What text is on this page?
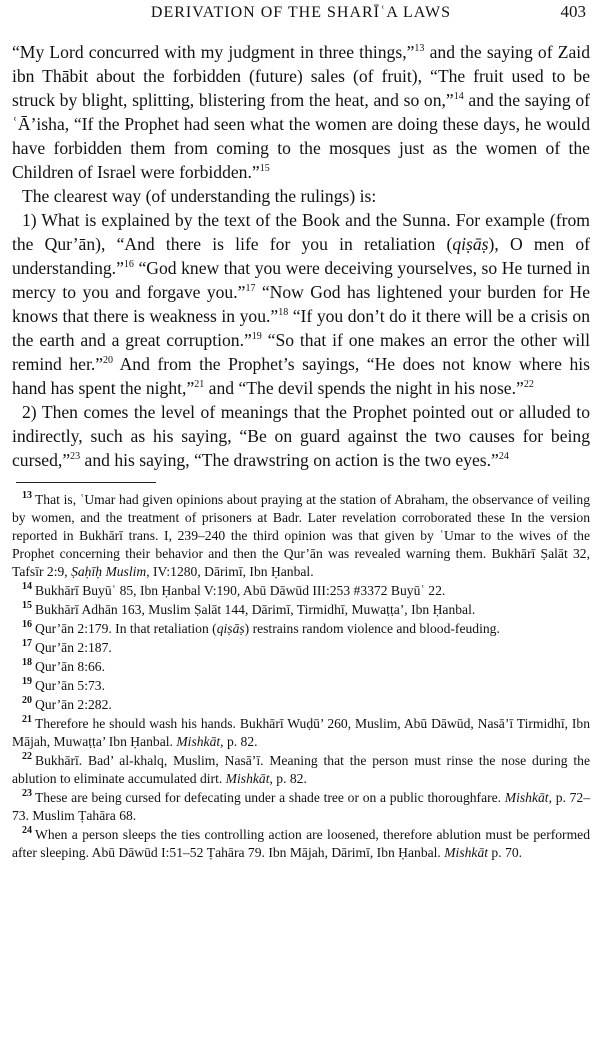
DERIVATION OF THE SHARĪʿA LAWS	403

“My Lord concurred with my judgment in three things,”$^{13}$ and the saying of Zaid ibn Thābit about the forbidden (future) sales (of fruit), “The fruit used to be struck by blight, splitting, blistering from the heat, and so on,”$^{14}$ and the saying of ʿĀ’isha, “If the Prophet had seen what the women are doing these days, he would have forbidden them from coming to the mosques just as the women of the Children of Israel were forbidden.”$^{15}$

The clearest way (of understanding the rulings) is:

1) What is explained by the text of the Book and the Sunna. For example (from the Qur’ān), “And there is life for you in retaliation (qiṣāṣ), O men of understanding.”$^{16}$ “God knew that you were deceiving yourselves, so He turned in mercy to you and forgave you.”$^{17}$ “Now God has lightened your burden for He knows that there is weakness in you.”$^{18}$ “If you don’t do it there will be a crisis on the earth and a great corruption.”$^{19}$ “So that if one makes an error the other will remind her.”$^{20}$ And from the Prophet’s sayings, “He does not know where his hand has spent the night,”$^{21}$ and “The devil spends the night in his nose.”$^{22}$

2) Then comes the level of meanings that the Prophet pointed out or alluded to indirectly, such as his saying, “Be on guard against the two causes for being cursed,”$^{23}$ and his saying, “The drawstring on action is the two eyes.”$^{24}$

$^{13}$ That is, ʿUmar had given opinions about praying at the station of Abraham, the observance of veiling by women, and the treatment of prisoners at Badr. Later revelation corroborated these In the version reported in Bukhārī trans. I, 239–240 the third opinion was that given by ʿUmar to the wives of the Prophet concerning their behavior and then the Qur’ān was revealed warning them. Bukhārī Ṣalāt 32, Tafsīr 2:9, Ṣaḥīḥ Muslim, IV:1280, Dārimī, Ibn Ḥanbal.

$^{14}$ Bukhārī Buyūʿ 85, Ibn Ḥanbal V:190, Abū Dāwūd III:253 #3372 Buyūʿ 22.

$^{15}$ Bukhārī Adhān 163, Muslim Ṣalāt 144, Dārimī, Tirmidhī, Muwaṭṭa’, Ibn Ḥanbal.

$^{16}$ Qur’ān 2:179. In that retaliation (qiṣāṣ) restrains random violence and blood-feuding.

$^{17}$ Qur’ān 2:187.

$^{18}$ Qur’ān 8:66.

$^{19}$ Qur’ān 5:73.

$^{20}$ Qur’ān 2:282.

$^{21}$ Therefore he should wash his hands. Bukhārī Wuḍū’ 260, Muslim, Abū Dāwūd, Nasā’ī Tirmidhī, Ibn Mājah, Muwaṭṭa’ Ibn Ḥanbal. Mishkāt, p. 82.

$^{22}$ Bukhārī. Bad’ al-khalq, Muslim, Nasā’ī. Meaning that the person must rinse the nose during the ablution to eliminate accumulated dirt. Mishkāt, p. 82.

$^{23}$ These are being cursed for defecating under a shade tree or on a public thoroughfare. Mishkāt, p. 72–73. Muslim Ṭahāra 68.

$^{24}$ When a person sleeps the ties controlling action are loosened, therefore ablution must be performed after sleeping. Abū Dāwūd I:51–52 Ṭahāra 79. Ibn Mājah, Dārimī, Ibn Ḥanbal. Mishkāt p. 70.
